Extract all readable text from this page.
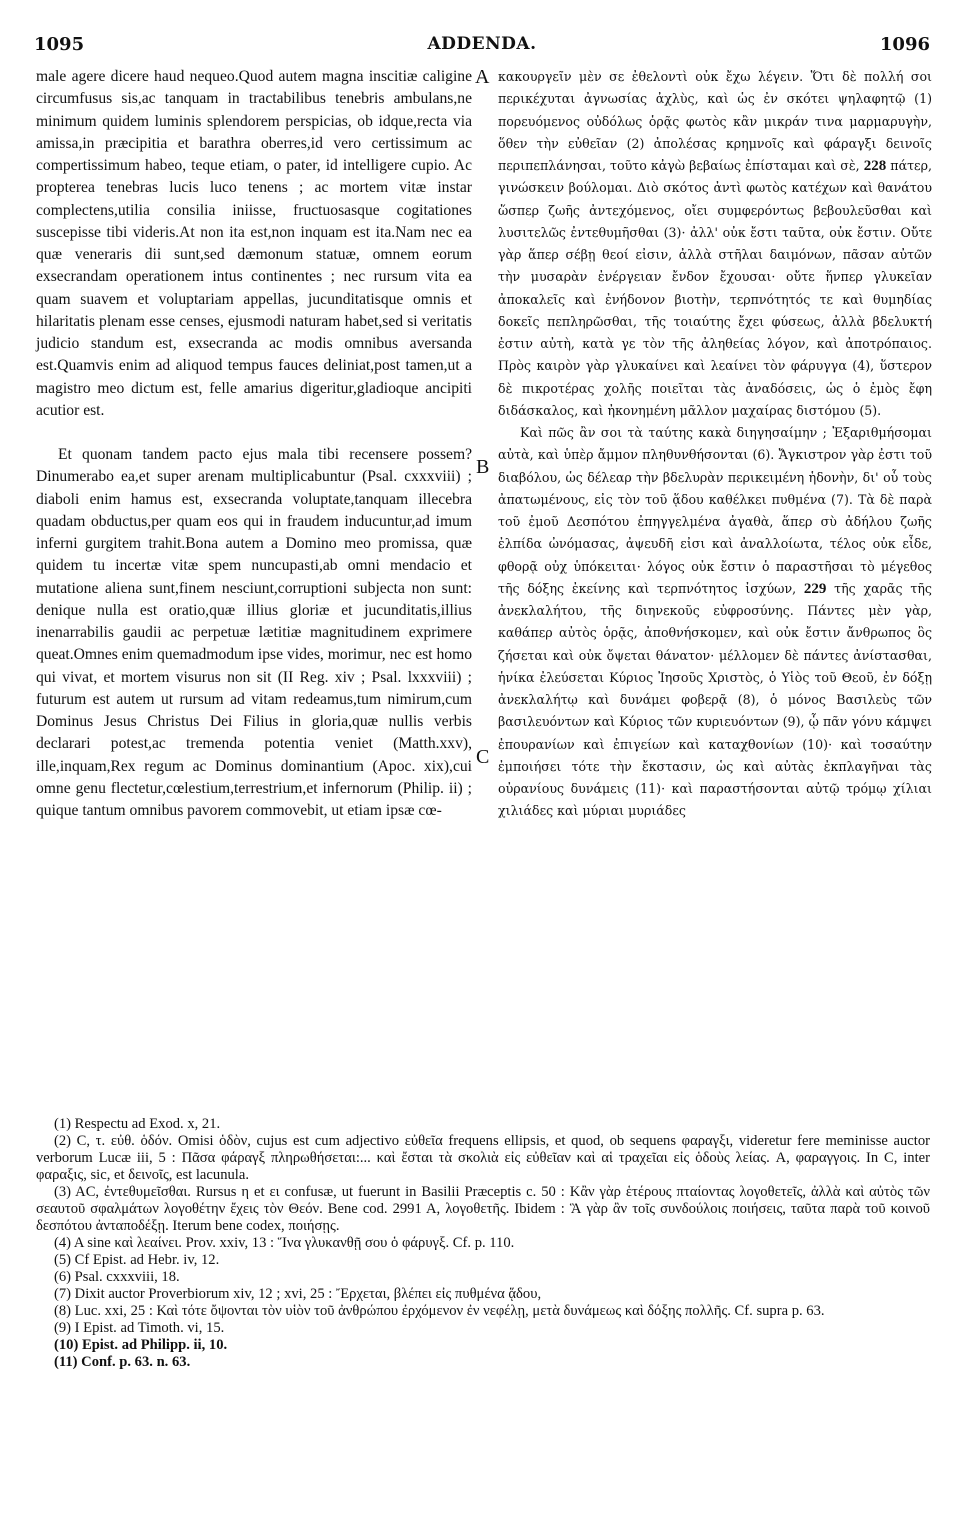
1095	ADDENDA.	1096

male agere dicere haud nequeo.Quod autem magna inscitiæ caligine circumfusus sis,ac tanquam in tractabilibus tenebris ambulans,ne minimum quidem luminis splendorem perspicias, ob idque,recta via amissa,in præcipitia et barathra oberres,id vero certissimum ac compertissimum habeo, teque etiam, o pater, id intelligere cupio. Ac propterea tenebras lucis luco tenens ; ac mortem vitæ instar complectens,utilia consilia iniisse, fructuosasque cogitationes suscepisse tibi videris.At non ita est,non inquam est ita.Nam nec ea quæ veneraris dii sunt,sed dæmonum statuæ, omnem eorum exsecrandam operationem intus continentes ; nec rursum vita ea quam suavem et voluptariam appellas, jucunditatisque omnis et hilaritatis plenam esse censes, ejusmodi naturam habet,sed si veritatis judicio standum est, exsecranda ac modis omnibus aversanda est.Quamvis enim ad aliquod tempus fauces deliniat,post tamen,ut a magistro meo dictum est, felle amarius digeritur,gladioque ancipiti acutior est.

Et quonam tandem pacto ejus mala tibi recensere possem? Dinumerabo ea,et super arenam multiplicabuntur (Psal. cxxxviii) ; diaboli enim hamus est, exsecranda voluptate,tanquam illecebra quadam obductus,per quam eos qui in fraudem inducuntur,ad imum inferni gurgitem trahit.Bona autem a Domino meo promissa, quæ quidem tu incertæ vitæ spem nuncupasti,ab omni mendacio et mutatione aliena sunt,finem nesciunt,corruptioni subjecta non sunt: denique nulla est oratio,quæ illius gloriæ et jucunditatis,illius inenarrabilis gaudii ac perpetuæ lætitiæ magnitudinem exprimere queat.Omnes enim quemadmodum ipse vides, morimur, nec est homo qui vivat, et mortem visurus non sit (II Reg. xiv ; Psal. lxxxviii) ; futurum est autem ut rursum ad vitam redeamus,tum nimirum,cum Dominus Jesus Christus Dei Filius in gloria,quæ nullis verbis declarari potest,ac tremenda potentia veniet (Matth.xxv), ille,inquam,Rex regum ac Dominus dominantium (Apoc. xix),cui omne genu flectetur,cœlestium,terrestrium,et infernorum (Philip. ii) ; quique tantum omnibus pavorem commovebit, ut etiam ipsæ cœ-

A
B
C

κακουργεῖν μὲν σε ἐθελοντὶ οὐκ ἔχω λέγειν. Ὅτι δὲ πολλή σοι περικέχυται ἀγνωσίας ἀχλὺς, καὶ ὡς ἐν σκότει ψηλαφητῷ (1) πορευόμενος οὐδόλως ὁρᾷς φωτὸς κἂν μικράν τινα μαρμαρυγὴν, ὅθεν τὴν εὐθεῖαν (2) ἀπολέσας κρημνοῖς καὶ φάραγξι δεινοῖς περιπεπλάνησαι, τοῦτο κἀγὼ βεβαίως ἐπίσταμαι καὶ σὲ, 228 πάτερ, γινώσκειν βούλομαι. Διὸ σκότος ἀντὶ φωτὸς κατέχων καὶ θανάτου ὥσπερ ζωῆς ἀντεχόμενος, οἴει συμφερόντως βεβουλεῦσθαι καὶ λυσιτελῶς ἐντεθυμῆσθαι (3)· ἀλλ' οὐκ ἔστι ταῦτα, οὐκ ἔστιν. Οὔτε γὰρ ἅπερ σέβῃ θεοί εἰσιν, ἀλλὰ στῆλαι δαιμόνων, πᾶσαν αὐτῶν τὴν μυσαρὰν ἐνέργειαν ἔνδον ἔχουσαι· οὔτε ἥνπερ γλυκεῖαν ἀποκαλεῖς καὶ ἐνήδονον βιοτὴν, τερπνότητός τε καὶ θυμηδίας δοκεῖς πεπληρῶσθαι, τῆς τοιαύτης ἔχει φύσεως, ἀλλὰ βδελυκτή ἐστιν αὐτὴ, κατὰ γε τὸν τῆς ἀληθείας λόγον, καὶ ἀποτρόπαιος. Πρὸς καιρὸν γὰρ γλυκαίνει καὶ λεαίνει τὸν φάρυγγα (4), ὕστερον δὲ πικροτέρας χολῆς ποιεῖται τὰς ἀναδόσεις, ὡς ὁ ἐμὸς ἔφη διδάσκαλος, καὶ ἠκονημένη μᾶλλον μαχαίρας διστόμου (5).

Καὶ πῶς ἂν σοι τὰ ταύτης κακὰ διηγησαίμην ; Ἐξαριθμήσομαι αὐτὰ, καὶ ὑπὲρ ἄμμον πληθυνθήσονται (6). Ἄγκιστρον γὰρ ἐστι τοῦ διαβόλου, ὡς δέλεαρ τὴν βδελυρὰν περικειμένη ἡδονὴν, δι' οὗ τοὺς ἀπατωμένους, εἰς τὸν τοῦ ᾅδου καθέλκει πυθμένα (7). Τὰ δὲ παρὰ τοῦ ἐμοῦ Δεσπότου ἐπηγγελμένα ἀγαθὰ, ἅπερ σὺ ἀδήλου ζωῆς ἐλπίδα ὠνόμασας, ἀψευδῆ εἰσι καὶ ἀναλλοίωτα, τέλος οὐκ εἶδε, φθορᾷ οὐχ ὑπόκειται· λόγος οὐκ ἔστιν ὁ παραστῆσαι τὸ μέγεθος τῆς δόξης ἐκείνης καὶ τερπνότητος ἰσχύων, 229 τῆς χαρᾶς τῆς ἀνεκλαλήτου, τῆς διηνεκοῦς εὐφροσύνης. Πάντες μὲν γὰρ, καθάπερ αὐτὸς ὁρᾷς, ἀποθνήσκομεν, καὶ οὐκ ἔστιν ἄνθρωπος ὃς ζήσεται καὶ οὐκ ὄψεται θάνατον· μέλλομεν δὲ πάντες ἀνίστασθαι, ἡνίκα ἐλεύσεται Κύριος Ἰησοῦς Χριστὸς, ὁ Υἱὸς τοῦ Θεοῦ, ἐν δόξῃ ἀνεκλαλήτῳ καὶ δυνάμει φοβερᾷ (8), ὁ μόνος Βασιλεὺς τῶν βασιλευόντων καὶ Κύριος τῶν κυριευόντων (9), ᾧ πᾶν γόνυ κάμψει ἐπουρανίων καὶ ἐπιγείων καὶ καταχθονίων (10)· καὶ τοσαύτην ἐμποιήσει τότε τὴν ἔκστασιν, ὡς καὶ αὐτὰς ἐκπλαγῆναι τὰς οὐρανίους δυνάμεις (11)· καὶ παραστήσονται αὐτῷ τρόμῳ χίλιαι χιλιάδες καὶ μύριαι μυριάδες

(1) Respectu ad Exod. x, 21.

(2) C, τ. εὐθ. ὁδόν. Omisi ὁδὸν, cujus est cum adjectivo εὐθεῖα frequens ellipsis, et quod, ob sequens φαραγξι, videretur fere meminisse auctor verborum Lucæ iii, 5 : Πᾶσα φάραγξ πληρωθήσεται:... καὶ ἔσται τὰ σκολιὰ εἰς εὐθεῖαν καὶ αἱ τραχεῖαι εἰς ὁδοὺς λείας. A, φαραγγοις. In C, inter φαραξις, sic, et δεινοῖς, est lacunula.

(3) AC, ἐντεθυμεῖσθαι. Rursus η et ει confusæ, ut fuerunt in Basilii Præceptis c. 50 : Κἂν γὰρ ἑτέρους πταίοντας λογοθετεῖς, ἀλλὰ καὶ αὐτὸς τῶν σεαυτοῦ σφαλμάτων λογοθέτην ἔχεις τὸν Θεόν. Bene cod. 2991 A, λογοθετῆς. Ibidem : Ἃ γὰρ ἂν τοῖς συνδούλοις ποιήσεις, ταῦτα παρὰ τοῦ κοινοῦ δεσπότου ἀνταποδέξῃ. Iterum bene codex, ποιήσῃς.

(4) A sine καὶ λεαίνει. Prov. xxiv, 13 : Ἵνα γλυκανθῇ σου ὁ φάρυγξ. Cf. p. 110.

(5) Cf Epist. ad Hebr. iv, 12.

(6) Psal. cxxxviii, 18.

(7) Dixit auctor Proverbiorum xiv, 12 ; xvi, 25 : Ἔρχεται, βλέπει εἰς πυθμένα ᾅδου,

(8) Luc. xxi, 25 : Καὶ τότε ὄψονται τὸν υἱὸν τοῦ ἀνθρώπου ἐρχόμενον ἐν νεφέλῃ, μετὰ δυνάμεως καὶ δόξης πολλῆς. Cf. supra p. 63.

(9) I Epist. ad Timoth. vi, 15.

(10) Epist. ad Philipp. ii, 10.

(11) Conf. p. 63. n. 63.
